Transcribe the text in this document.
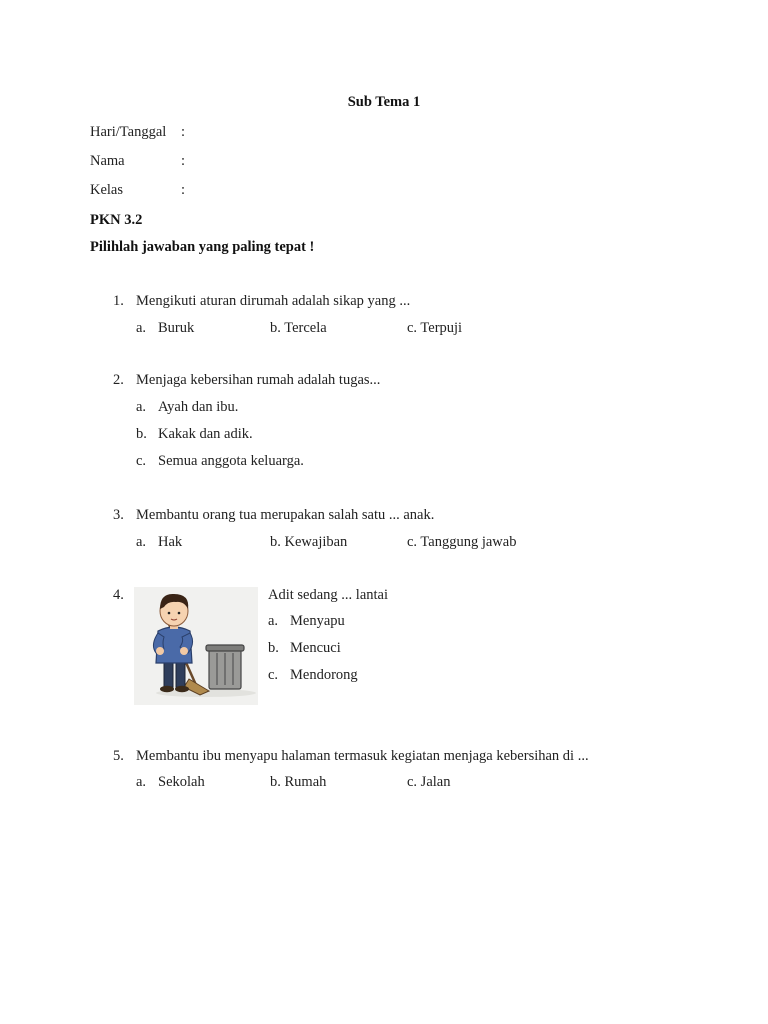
Sub Tema 1
Hari/Tanggal :
Nama	:
Kelas	:
PKN 3.2
Pilihlah jawaban yang paling tepat !
1. Mengikuti aturan dirumah adalah sikap yang ...
a. Buruk	b. Tercela	c. Terpuji
2. Menjaga kebersihan rumah adalah tugas...
a. Ayah dan ibu.
b. Kakak dan adik.
c. Semua anggota keluarga.
3. Membantu orang tua merupakan salah satu ... anak.
a. Hak	b. Kewajiban	c. Tanggung jawab
4.	Adit sedang ... lantai
a. Menyapu
b. Mencuci
c. Mendorong
5. Membantu ibu menyapu halaman termasuk kegiatan menjaga kebersihan di ...
a. Sekolah	b. Rumah	c. Jalan
